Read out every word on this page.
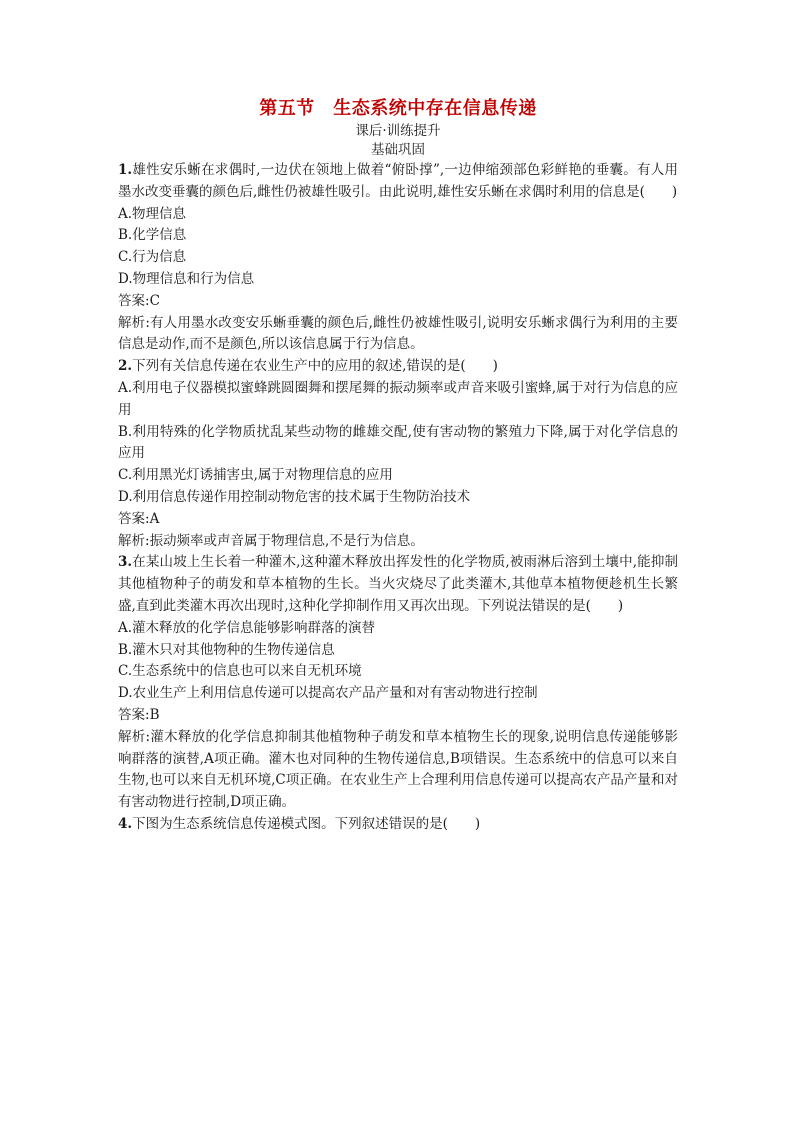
第五节　生态系统中存在信息传递

课后·训练提升

基础巩固

1.雄性安乐蜥在求偶时,一边伏在领地上做着“俯卧撑”,一边伸缩颈部色彩鲜艳的垂囊。有人用墨水改变垂囊的颜色后,雌性仍被雄性吸引。由此说明,雄性安乐蜥在求偶时利用的信息是(　　)

A.物理信息

B.化学信息

C.行为信息

D.物理信息和行为信息

答案:C

解析:有人用墨水改变安乐蜥垂囊的颜色后,雌性仍被雄性吸引,说明安乐蜥求偶行为利用的主要信息是动作,而不是颜色,所以该信息属于行为信息。

2.下列有关信息传递在农业生产中的应用的叙述,错误的是(　　)

A.利用电子仪器模拟蜜蜂跳圆圈舞和摆尾舞的振动频率或声音来吸引蜜蜂,属于对行为信息的应用

B.利用特殊的化学物质扰乱某些动物的雌雄交配,使有害动物的繁殖力下降,属于对化学信息的应用

C.利用黑光灯诱捕害虫,属于对物理信息的应用

D.利用信息传递作用控制动物危害的技术属于生物防治技术

答案:A

解析:振动频率或声音属于物理信息,不是行为信息。

3.在某山坡上生长着一种灌木,这种灌木释放出挥发性的化学物质,被雨淋后溶到土壤中,能抑制其他植物种子的萌发和草本植物的生长。当火灾烧尽了此类灌木,其他草本植物便趁机生长繁盛,直到此类灌木再次出现时,这种化学抑制作用又再次出现。下列说法错误的是(　　)

A.灌木释放的化学信息能够影响群落的演替

B.灌木只对其他物种的生物传递信息

C.生态系统中的信息也可以来自无机环境

D.农业生产上利用信息传递可以提高农产品产量和对有害动物进行控制

答案:B

解析:灌木释放的化学信息抑制其他植物种子萌发和草本植物生长的现象,说明信息传递能够影响群落的演替,A项正确。灌木也对同种的生物传递信息,B项错误。生态系统中的信息可以来自生物,也可以来自无机环境,C项正确。在农业生产上合理利用信息传递可以提高农产品产量和对有害动物进行控制,D项正确。

4.下图为生态系统信息传递模式图。下列叙述错误的是(　　)
